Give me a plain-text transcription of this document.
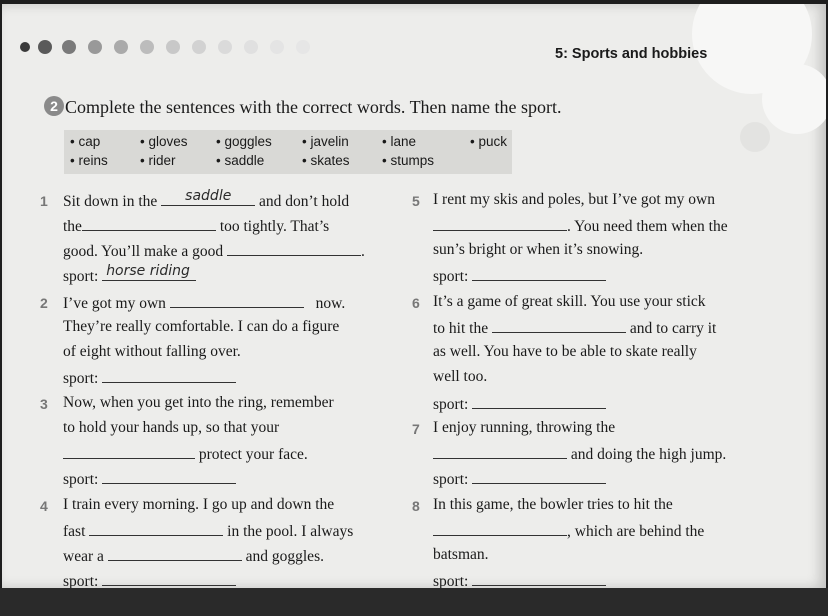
5: Sports and hobbies
2 Complete the sentences with the correct words. Then name the sport.
• cap	• gloves • goggles • javelin • lane	• puck
• reins • rider	• saddle	• skates • stumps
1 Sit down in the saddle and don’t hold
the	too tightly. That’s
good. You’ll make a good	.
sport: horse riding
2 I’ve got my own	now.
They’re really comfortable. I can do a figure
of eight without falling over.
sport:
3 Now, when you get into the ring, remember
to hold your hands up, so that your
protect your face.
sport:
4 I train every morning. I go up and down the
fast	in the pool. I always
wear a	and goggles.
sport:
5 I rent my skis and poles, but I’ve got my own
. You need them when the
sun’s bright or when it’s snowing.
sport:
6 It’s a game of great skill. You use your stick
to hit the	and to carry it
as well. You have to be able to skate really
well too.
sport:
7 I enjoy running, throwing the
and doing the high jump.
sport:
8 In this game, the bowler tries to hit the
, which are behind the
batsman.
sport:
